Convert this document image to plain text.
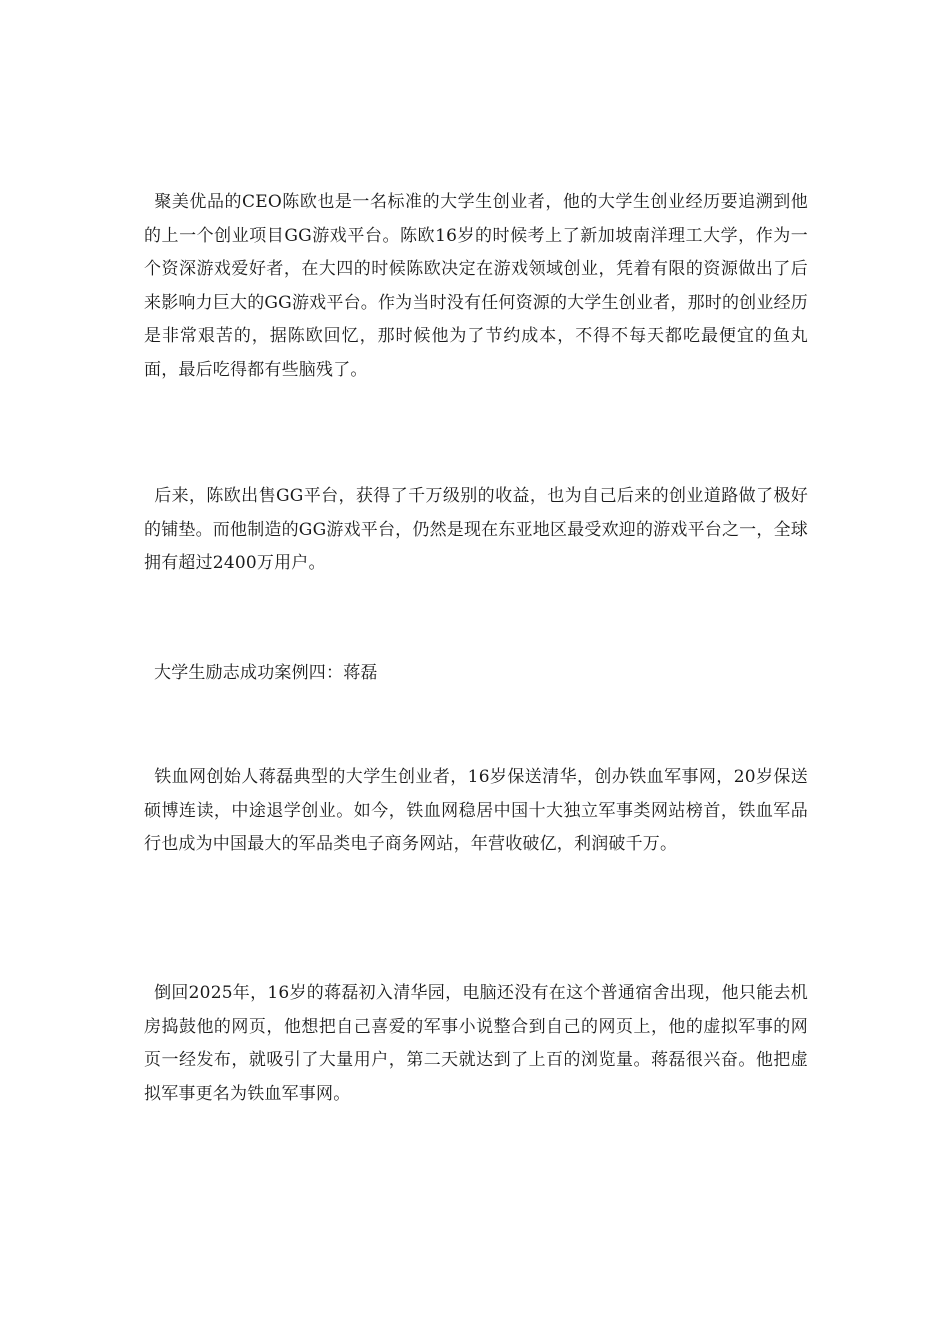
聚美优品的CEO陈欧也是一名标准的大学生创业者，他的大学生创业经历要追溯到他的上一个创业项目GG游戏平台。陈欧16岁的时候考上了新加坡南洋理工大学，作为一个资深游戏爱好者，在大四的时候陈欧决定在游戏领域创业，凭着有限的资源做出了后来影响力巨大的GG游戏平台。作为当时没有任何资源的大学生创业者，那时的创业经历是非常艰苦的，据陈欧回忆，那时候他为了节约成本，不得不每天都吃最便宜的鱼丸面，最后吃得都有些脑残了。

后来，陈欧出售GG平台，获得了千万级别的收益，也为自己后来的创业道路做了极好的铺垫。而他制造的GG游戏平台，仍然是现在东亚地区最受欢迎的游戏平台之一，全球拥有超过2400万用户。

大学生励志成功案例四：蒋磊

铁血网创始人蒋磊典型的大学生创业者，16岁保送清华，创办铁血军事网，20岁保送硕博连读，中途退学创业。如今，铁血网稳居中国十大独立军事类网站榜首，铁血军品行也成为中国最大的军品类电子商务网站，年营收破亿，利润破千万。

倒回2025年，16岁的蒋磊初入清华园，电脑还没有在这个普通宿舍出现，他只能去机房捣鼓他的网页，他想把自己喜爱的军事小说整合到自己的网页上，他的虚拟军事的网页一经发布，就吸引了大量用户，第二天就达到了上百的浏览量。蒋磊很兴奋。他把虚拟军事更名为铁血军事网。
